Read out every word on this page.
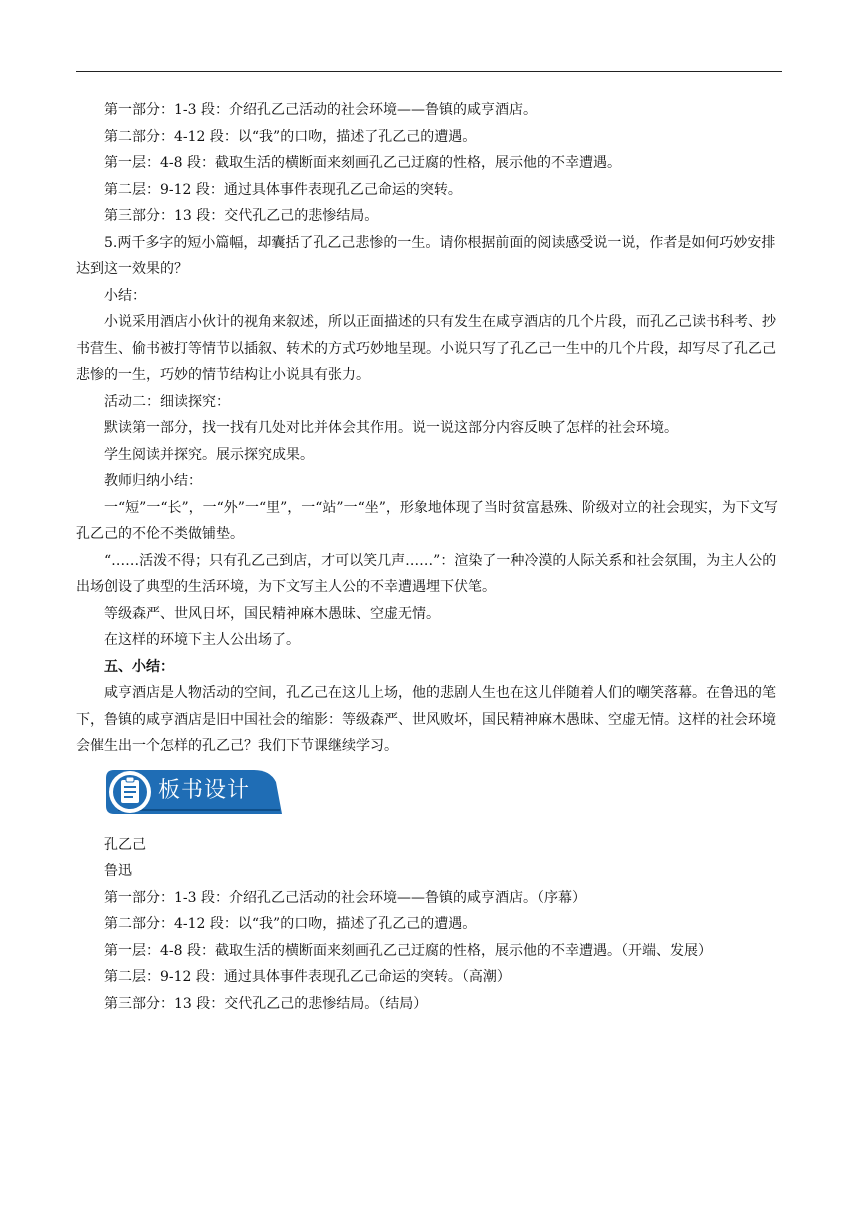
第一部分：1-3 段：介绍孔乙己活动的社会环境——鲁镇的咸亨酒店。

第二部分：4-12 段：以“我”的口吻，描述了孔乙己的遭遇。

第一层：4-8 段：截取生活的横断面来刻画孔乙己迂腐的性格，展示他的不幸遭遇。

第二层：9-12 段：通过具体事件表现孔乙己命运的突转。

第三部分：13 段：交代孔乙己的悲惨结局。

5.两千多字的短小篇幅，却囊括了孔乙己悲惨的一生。请你根据前面的阅读感受说一说，作者是如何巧妙安排达到这一效果的？

小结：

小说采用酒店小伙计的视角来叙述，所以正面描述的只有发生在咸亨酒店的几个片段，而孔乙己读书科考、抄书营生、偷书被打等情节以插叙、转术的方式巧妙地呈现。小说只写了孔乙己一生中的几个片段，却写尽了孔乙己悲惨的一生，巧妙的情节结构让小说具有张力。

活动二：细读探究：

默读第一部分，找一找有几处对比并体会其作用。说一说这部分内容反映了怎样的社会环境。

学生阅读并探究。展示探究成果。

教师归纳小结：

一“短”一“长”，一“外”一“里”，一“站”一“坐”，形象地体现了当时贫富悬殊、阶级对立的社会现实，为下文写孔乙己的不伦不类做铺垫。

“……活泼不得；只有孔乙己到店，才可以笑几声……”：渲染了一种冷漠的人际关系和社会氛围，为主人公的出场创设了典型的生活环境，为下文写主人公的不幸遭遇埋下伏笔。

等级森严、世风日坏，国民精神麻木愚昧、空虚无情。

在这样的环境下主人公出场了。

五、小结：

咸亨酒店是人物活动的空间，孔乙己在这儿上场，他的悲剧人生也在这儿伴随着人们的嘲笑落幕。在鲁迅的笔下，鲁镇的咸亨酒店是旧中国社会的缩影：等级森严、世风败坏，国民精神麻木愚昧、空虚无情。这样的社会环境会催生出一个怎样的孔乙己？我们下节课继续学习。

板书设计

孔乙己

鲁迅

第一部分：1-3 段：介绍孔乙己活动的社会环境——鲁镇的咸亨酒店。（序幕）

第二部分：4-12 段：以“我”的口吻，描述了孔乙己的遭遇。

第一层：4-8 段：截取生活的横断面来刻画孔乙己迂腐的性格，展示他的不幸遭遇。（开端、发展）

第二层：9-12 段：通过具体事件表现孔乙己命运的突转。（高潮）

第三部分：13 段：交代孔乙己的悲惨结局。（结局）
